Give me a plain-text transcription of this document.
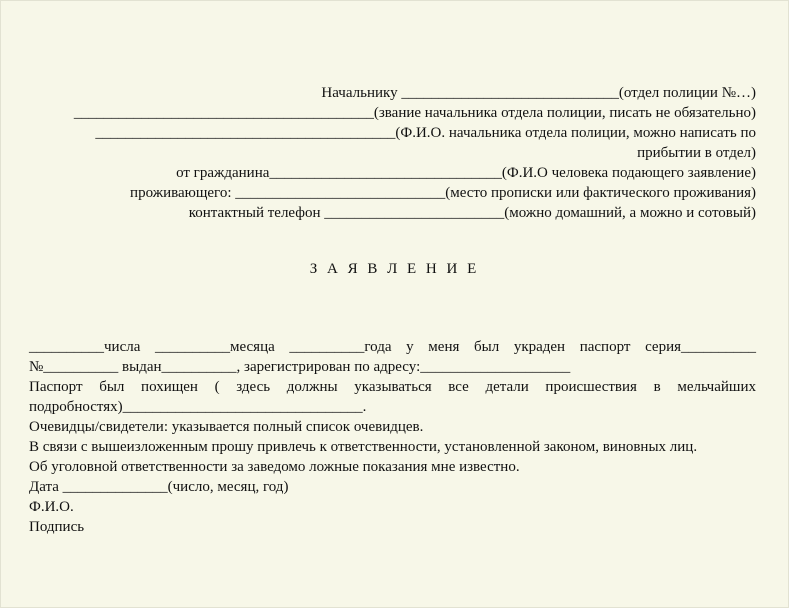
Начальнику _____________________________(отдел полиции №…)
________________________________________(звание начальника отдела полиции, писать не обязательно)
________________________________________(Ф.И.О. начальника отдела полиции, можно написать по
прибытии в отдел)
от гражданина_______________________________(Ф.И.О человека подающего заявление)
проживающего: ____________________________(место прописки или фактического проживания)
контактный телефон ________________________(можно домашний, а можно и сотовый)
З А Я В Л Е Н И Е
__________числа __________месяца __________года у меня был украден паспорт серия__________
№__________ выдан__________, зарегистрирован по адресу:____________________
Паспорт был похищен ( здесь должны указываться все детали происшествия в мельчайших подробностях)________________________________.
Очевидцы/свидетели: указывается полный список очевидцев.
В связи с вышеизложенным прошу привлечь к ответственности, установленной законом, виновных лиц.
Об уголовной ответственности за заведомо ложные показания мне известно.
Дата ______________(число, месяц, год)
Ф.И.О.
Подпись
